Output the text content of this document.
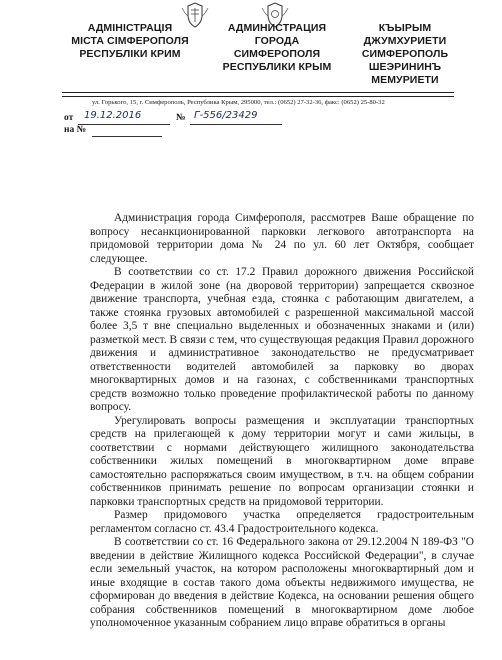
АДМІНІСТРАЦІЯ
МІСТА СІМФЕРОПОЛЯ
РЕСПУБЛІКИ КРИМ
АДМИНИСТРАЦИЯ
ГОРОДА
СИМФЕРОПОЛЯ
РЕСПУБЛИКИ КРЫМ
КЪЫРЫМ
ДЖУМХУРИЕТИ
СИМФЕРОПОЛЬ
ШЕЭРИНИНЪ
МЕМУРИЕТИ
ул. Горького, 15, г. Симферополь, Республика Крым, 295000, тел.: (0652) 27-32-36, факс: (0652) 25-80-32
от 19.12.2016	№ Г-556/23429
на №

Администрация города Симферополя, рассмотрев Ваше обращение по вопросу несанкционированной парковки легкового автотранспорта на придомовой территории дома № 24 по ул. 60 лет Октября, сообщает следующее.

В соответствии со ст. 17.2 Правил дорожного движения Российской Федерации в жилой зоне (на дворовой территории) запрещается сквозное движение транспорта, учебная езда, стоянка с работающим двигателем, а также стоянка грузовых автомобилей с разрешенной максимальной массой более 3,5 т вне специально выделенных и обозначенных знаками и (или) разметкой мест. В связи с тем, что существующая редакция Правил дорожного движения и административное законодательство не предусматривает ответственности водителей автомобилей за парковку во дворах многоквартирных домов и на газонах, с собственниками транспортных средств возможно только проведение профилактической работы по данному вопросу.

Урегулировать вопросы размещения и эксплуатации транспортных средств на прилегающей к дому территории могут и сами жильцы, в соответствии с нормами действующего жилищного законодательства собственники жилых помещений в многоквартирном доме вправе самостоятельно распоряжаться своим имуществом, в т.ч. на общем собрании собственников принимать решение по вопросам организации стоянки и парковки транспортных средств на придомовой территории.

Размер придомового участка определяется градостроительным регламентом согласно ст. 43.4 Градостроительного кодекса.

В соответствии со ст. 16 Федерального закона от 29.12.2004 N 189-ФЗ "О введении в действие Жилищного кодекса Российской Федерации", в случае если земельный участок, на котором расположены многоквартирный дом и иные входящие в состав такого дома объекты недвижимого имущества, не сформирован до введения в действие Кодекса, на основании решения общего собрания собственников помещений в многоквартирном доме любое уполномоченное указанным собранием лицо вправе обратиться в органы
